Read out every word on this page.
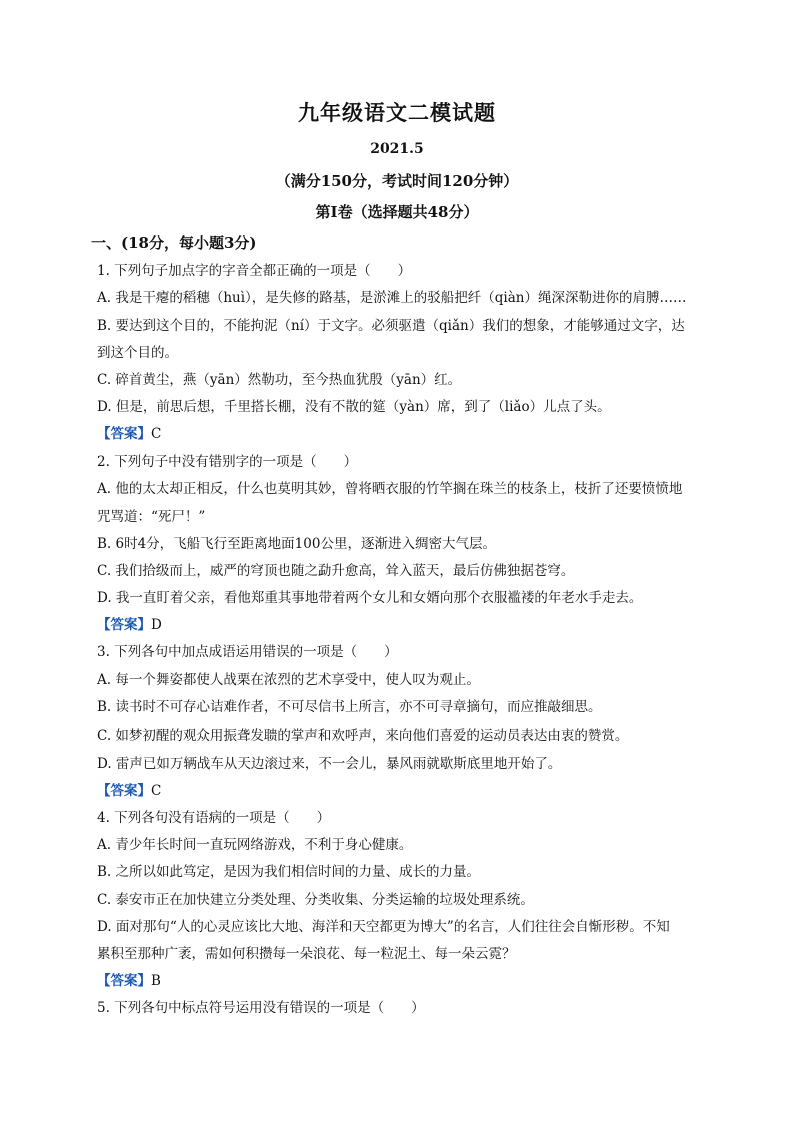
九年级语文二模试题
2021.5
（满分150分，考试时间120分钟）
第Ⅰ卷（选择题共48分）
一、(18分，每小题3分)
1. 下列句子加点字的字音全都正确的一项是（　　）
A. 我是干瘪的稻穗（huì），是失修的路基，是淤滩上的驳船把纤（qiàn）绳深深勒进你的肩膊……
B. 要达到这个目的，不能拘泥（ní）于文字。必须驱遣（qiǎn）我们的想象，才能够通过文字，达
到这个目的。
C. 碎首黄尘，燕（yān）然勒功，至今热血犹殷（yān）红。
D. 但是，前思后想，千里搭长棚，没有不散的筵（yàn）席，到了（liǎo）儿点了头。
【答案】C
2. 下列句子中没有错别字的一项是（　　）
A. 他的太太却正相反，什么也莫明其妙，曾将晒衣服的竹竿搁在珠兰的枝条上，枝折了还要愤愤地
咒骂道：“死尸！”
B. 6时4分，飞船飞行至距离地面100公里，逐渐进入绸密大气层。
C. 我们拾级而上，威严的穹顶也随之勐升愈高，耸入蓝天，最后仿佛独据苍穹。
D. 我一直盯着父亲，看他郑重其事地带着两个女儿和女婿向那个衣服褴褛的年老水手走去。
【答案】D
3. 下列各句中加点成语运用错误的一项是（　　）
A. 每一个舞姿都使人战栗在浓烈的艺术享受中，使人叹为观止。
B. 读书时不可存心诘难作者，不可尽信书上所言，亦不可寻章摘句，而应推敲细思。
C. 如梦初醒的观众用振聋发聩的掌声和欢呼声，来向他们喜爱的运动员表达由衷的赞赏。
D. 雷声已如万辆战车从天边滚过来，不一会儿，暴风雨就歇斯底里地开始了。
【答案】C
4. 下列各句没有语病的一项是（　　）
A. 青少年长时间一直玩网络游戏，不利于身心健康。
B. 之所以如此笃定，是因为我们相信时间的力量、成长的力量。
C. 泰安市正在加快建立分类处理、分类收集、分类运输的垃圾处理系统。
D. 面对那句“人的心灵应该比大地、海洋和天空都更为博大”的名言，人们往往会自惭形秽。不知
累积至那种广袤，需如何积攒每一朵浪花、每一粒泥土、每一朵云霓？
【答案】B
5. 下列各句中标点符号运用没有错误的一项是（　　）
